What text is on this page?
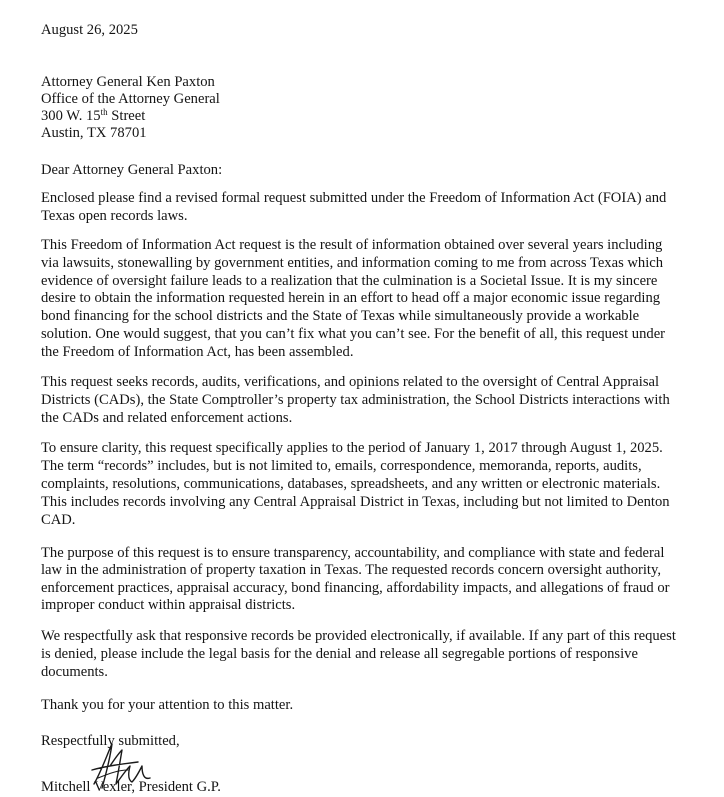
August 26, 2025
Attorney General Ken Paxton
Office of the Attorney General
300 W. 15th Street
Austin, TX 78701
Dear Attorney General Paxton:
Enclosed please find a revised formal request submitted under the Freedom of Information Act (FOIA) and
Texas open records laws.
This Freedom of Information Act request is the result of information obtained over several years including
via lawsuits, stonewalling by government entities, and information coming to me from across Texas which
evidence of oversight failure leads to a realization that the culmination is a Societal Issue. It is my sincere
desire to obtain the information requested herein in an effort to head off a major economic issue regarding
bond financing for the school districts and the State of Texas while simultaneously provide a workable
solution. One would suggest, that you can’t fix what you can’t see. For the benefit of all, this request under
the Freedom of Information Act, has been assembled.
This request seeks records, audits, verifications, and opinions related to the oversight of Central Appraisal
Districts (CADs), the State Comptroller’s property tax administration, the School Districts interactions with
the CADs and related enforcement actions.
To ensure clarity, this request specifically applies to the period of January 1, 2017 through August 1, 2025.
The term “records” includes, but is not limited to, emails, correspondence, memoranda, reports, audits,
complaints, resolutions, communications, databases, spreadsheets, and any written or electronic materials.
This includes records involving any Central Appraisal District in Texas, including but not limited to Denton
CAD.
The purpose of this request is to ensure transparency, accountability, and compliance with state and federal
law in the administration of property taxation in Texas. The requested records concern oversight authority,
enforcement practices, appraisal accuracy, bond financing, affordability impacts, and allegations of fraud or
improper conduct within appraisal districts.
We respectfully ask that responsive records be provided electronically, if available. If any part of this request
is denied, please include the legal basis for the denial and release all segregable portions of responsive
documents.
Thank you for your attention to this matter.
Respectfully submitted,
Mitchell Vexler, President G.P.
